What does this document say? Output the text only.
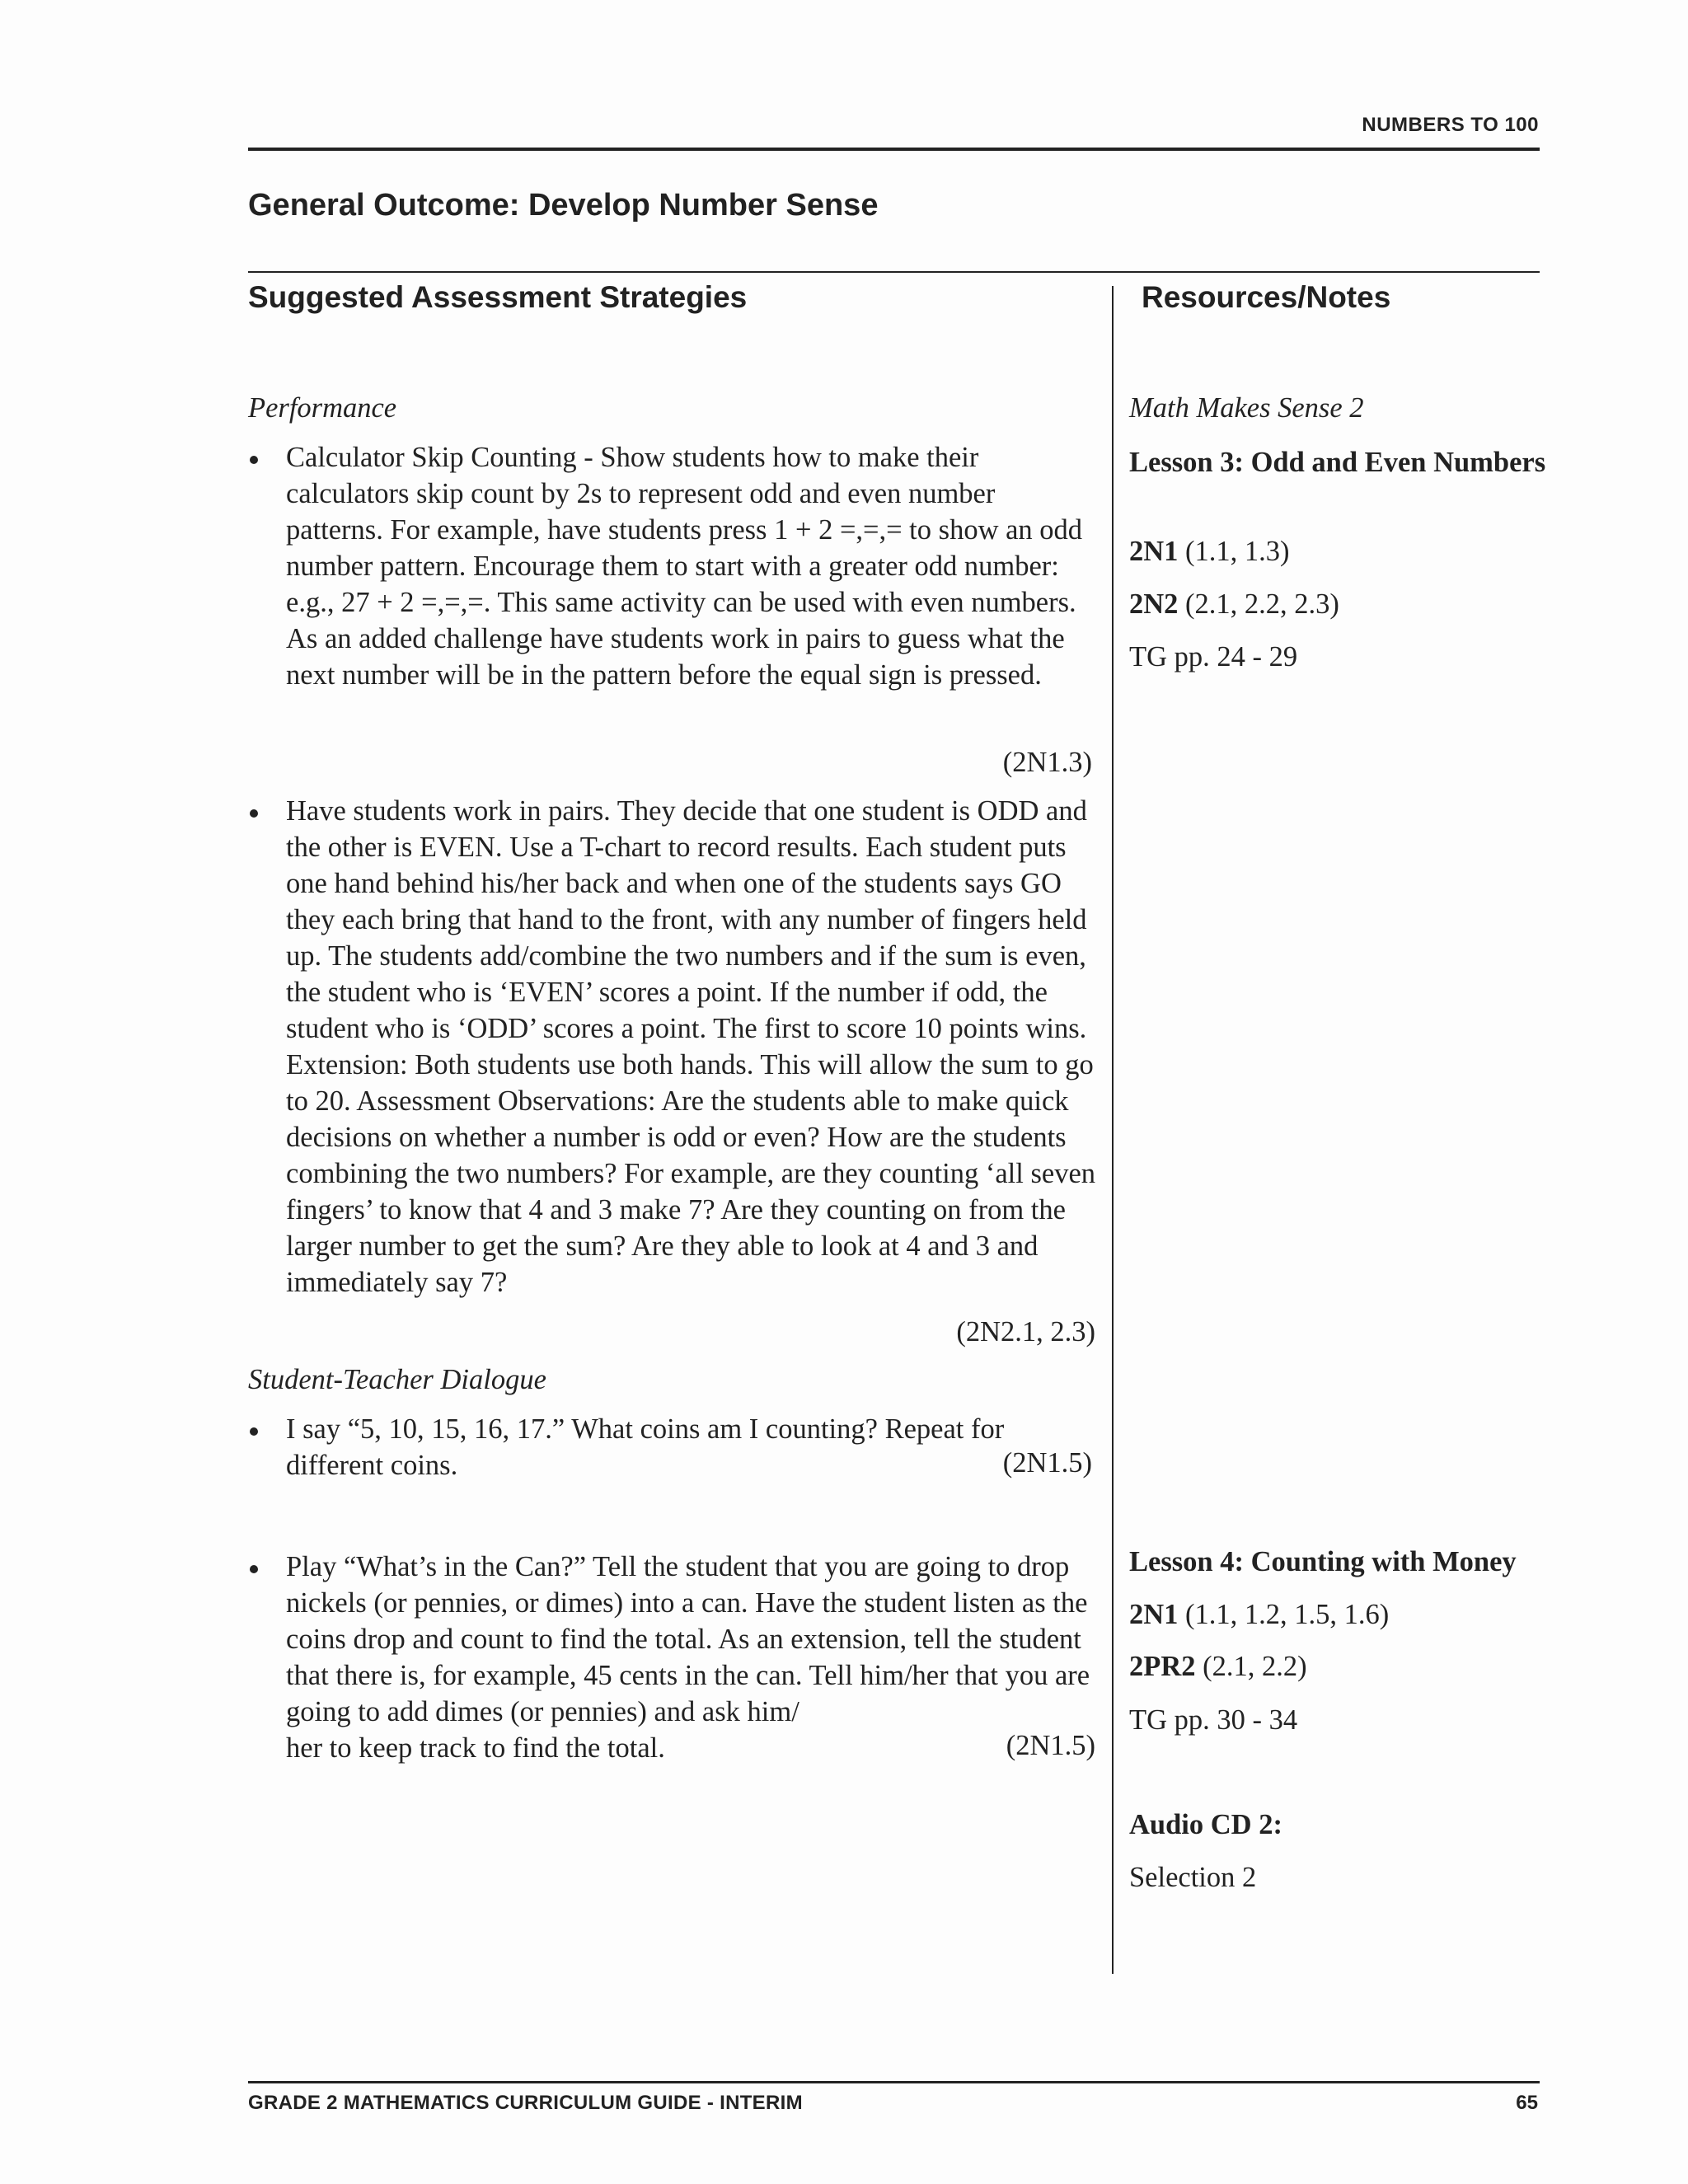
NUMBERS TO 100
General Outcome: Develop Number Sense
Suggested Assessment Strategies	Resources/Notes
Performance
Calculator Skip Counting - Show students how to make their calculators skip count by 2s to represent odd and even number patterns. For example, have students press 1 + 2 =,=,= to show an odd number pattern. Encourage them to start with a greater odd number: e.g., 27 + 2 =,=,=. This same activity can be used with even numbers. As an added challenge have students work in pairs to guess what the next number will be in the pattern before the equal sign is pressed.
(2N1.3)
Have students work in pairs. They decide that one student is ODD and the other is EVEN. Use a T-chart to record results. Each student puts one hand behind his/her back and when one of the students says GO they each bring that hand to the front, with any number of fingers held up. The students add/combine the two numbers and if the sum is even, the student who is ‘EVEN’ scores a point. If the number if odd, the student who is ‘ODD’ scores a point. The first to score 10 points wins. Extension: Both students use both hands. This will allow the sum to go to 20. Assessment Observations: Are the students able to make quick decisions on whether a number is odd or even? How are the students combining the two numbers? For example, are they counting ‘all seven fingers’ to know that 4 and 3 make 7? Are they counting on from the larger number to get the sum? Are they able to look at 4 and 3 and immediately say 7?
(2N2.1, 2.3)
Student-Teacher Dialogue
I say “5, 10, 15, 16, 17.” What coins am I counting? Repeat for
different coins.	(2N1.5)
Play “What’s in the Can?” Tell the student that you are going to drop nickels (or pennies, or dimes) into a can. Have the student listen as the coins drop and count to find the total. As an extension, tell the student that there is, for example, 45 cents in the can. Tell him/her that you are going to add dimes (or pennies) and ask him/
her to keep track to find the total.	(2N1.5)
Math Makes Sense 2
Lesson 3: Odd and Even Numbers
2N1 (1.1, 1.3)
2N2 (2.1, 2.2, 2.3)
TG pp. 24 - 29
Lesson 4: Counting with Money
2N1 (1.1, 1.2, 1.5, 1.6)
2PR2 (2.1, 2.2)
TG pp. 30 - 34
Audio CD 2:
Selection 2
GRADE 2 MATHEMATICS CURRICULUM GUIDE - INTERIM	65
